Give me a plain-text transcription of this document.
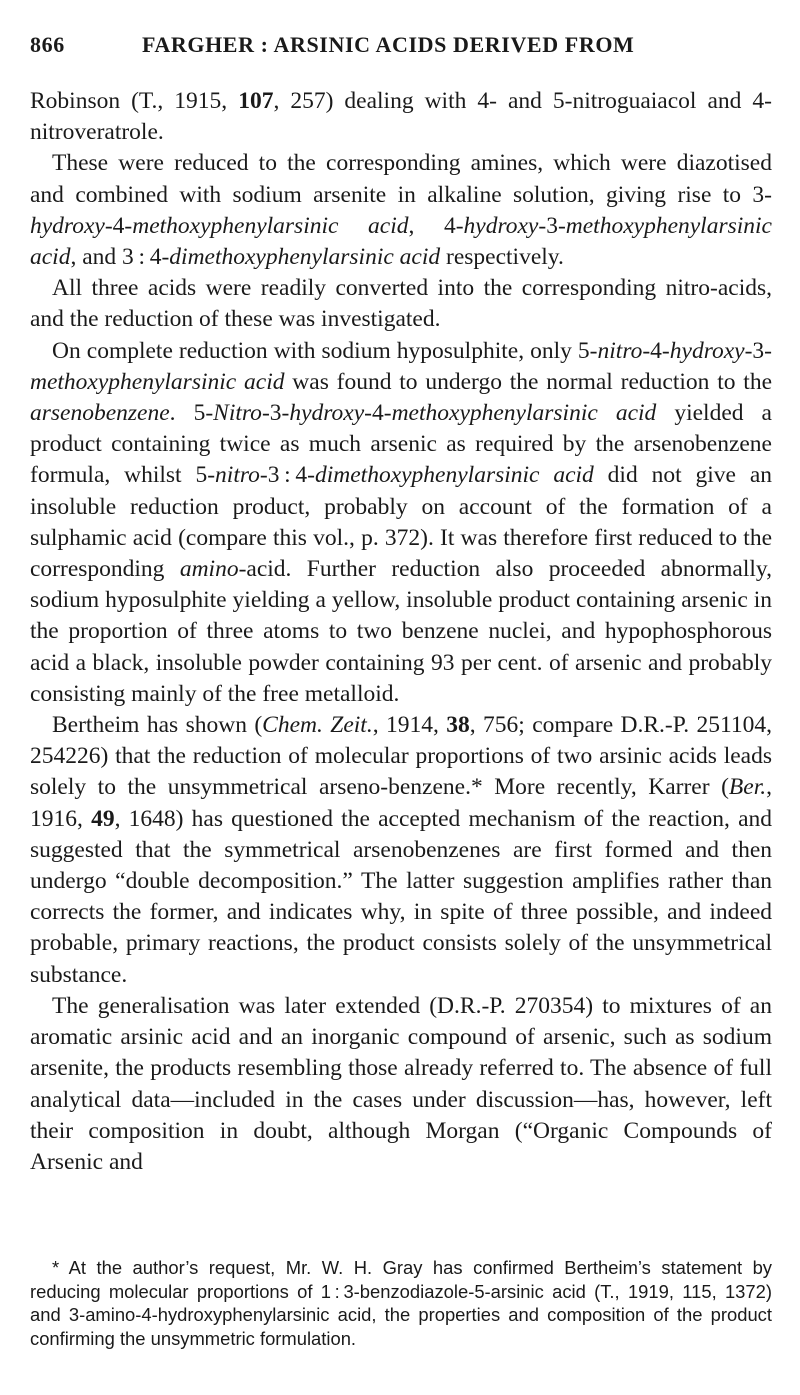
866	FARGHER : ARSINIC ACIDS DERIVED FROM

Robinson (T., 1915, 107, 257) dealing with 4- and 5-nitroguaiacol and 4-nitroveratrole.

These were reduced to the corresponding amines, which were diazotised and combined with sodium arsenite in alkaline solution, giving rise to 3-hydroxy-4-methoxyphenylarsinic acid, 4-hydroxy-3-methoxyphenylarsinic acid, and 3 : 4-dimethoxyphenylarsinic acid respectively.

All three acids were readily converted into the corresponding nitro-acids, and the reduction of these was investigated.

On complete reduction with sodium hyposulphite, only 5-nitro-4-hydroxy-3-methoxyphenylarsinic acid was found to undergo the normal reduction to the arsenobenzene. 5-Nitro-3-hydroxy-4-methoxyphenylarsinic acid yielded a product containing twice as much arsenic as required by the arsenobenzene formula, whilst 5-nitro-3 : 4-dimethoxyphenylarsinic acid did not give an insoluble reduction product, probably on account of the formation of a sulphamic acid (compare this vol., p. 372). It was therefore first reduced to the corresponding amino-acid. Further reduction also proceeded abnormally, sodium hyposulphite yielding a yellow, insoluble product containing arsenic in the proportion of three atoms to two benzene nuclei, and hypophosphorous acid a black, insoluble powder containing 93 per cent. of arsenic and probably consisting mainly of the free metalloid.

Bertheim has shown (Chem. Zeit., 1914, 38, 756; compare D.R.-P. 251104, 254226) that the reduction of molecular proportions of two arsinic acids leads solely to the unsymmetrical arseno-benzene.* More recently, Karrer (Ber., 1916, 49, 1648) has questioned the accepted mechanism of the reaction, and suggested that the symmetrical arsenobenzenes are first formed and then undergo “double decomposition.” The latter suggestion amplifies rather than corrects the former, and indicates why, in spite of three possible, and indeed probable, primary reactions, the product consists solely of the unsymmetrical substance.

The generalisation was later extended (D.R.-P. 270354) to mixtures of an aromatic arsinic acid and an inorganic compound of arsenic, such as sodium arsenite, the products resembling those already referred to. The absence of full analytical data—included in the cases under discussion—has, however, left their composition in doubt, although Morgan (“Organic Compounds of Arsenic and

* At the author’s request, Mr. W. H. Gray has confirmed Bertheim’s statement by reducing molecular proportions of 1 : 3-benzodiazole-5-arsinic acid (T., 1919, 115, 1372) and 3-amino-4-hydroxyphenylarsinic acid, the properties and composition of the product confirming the unsymmetric formulation.
